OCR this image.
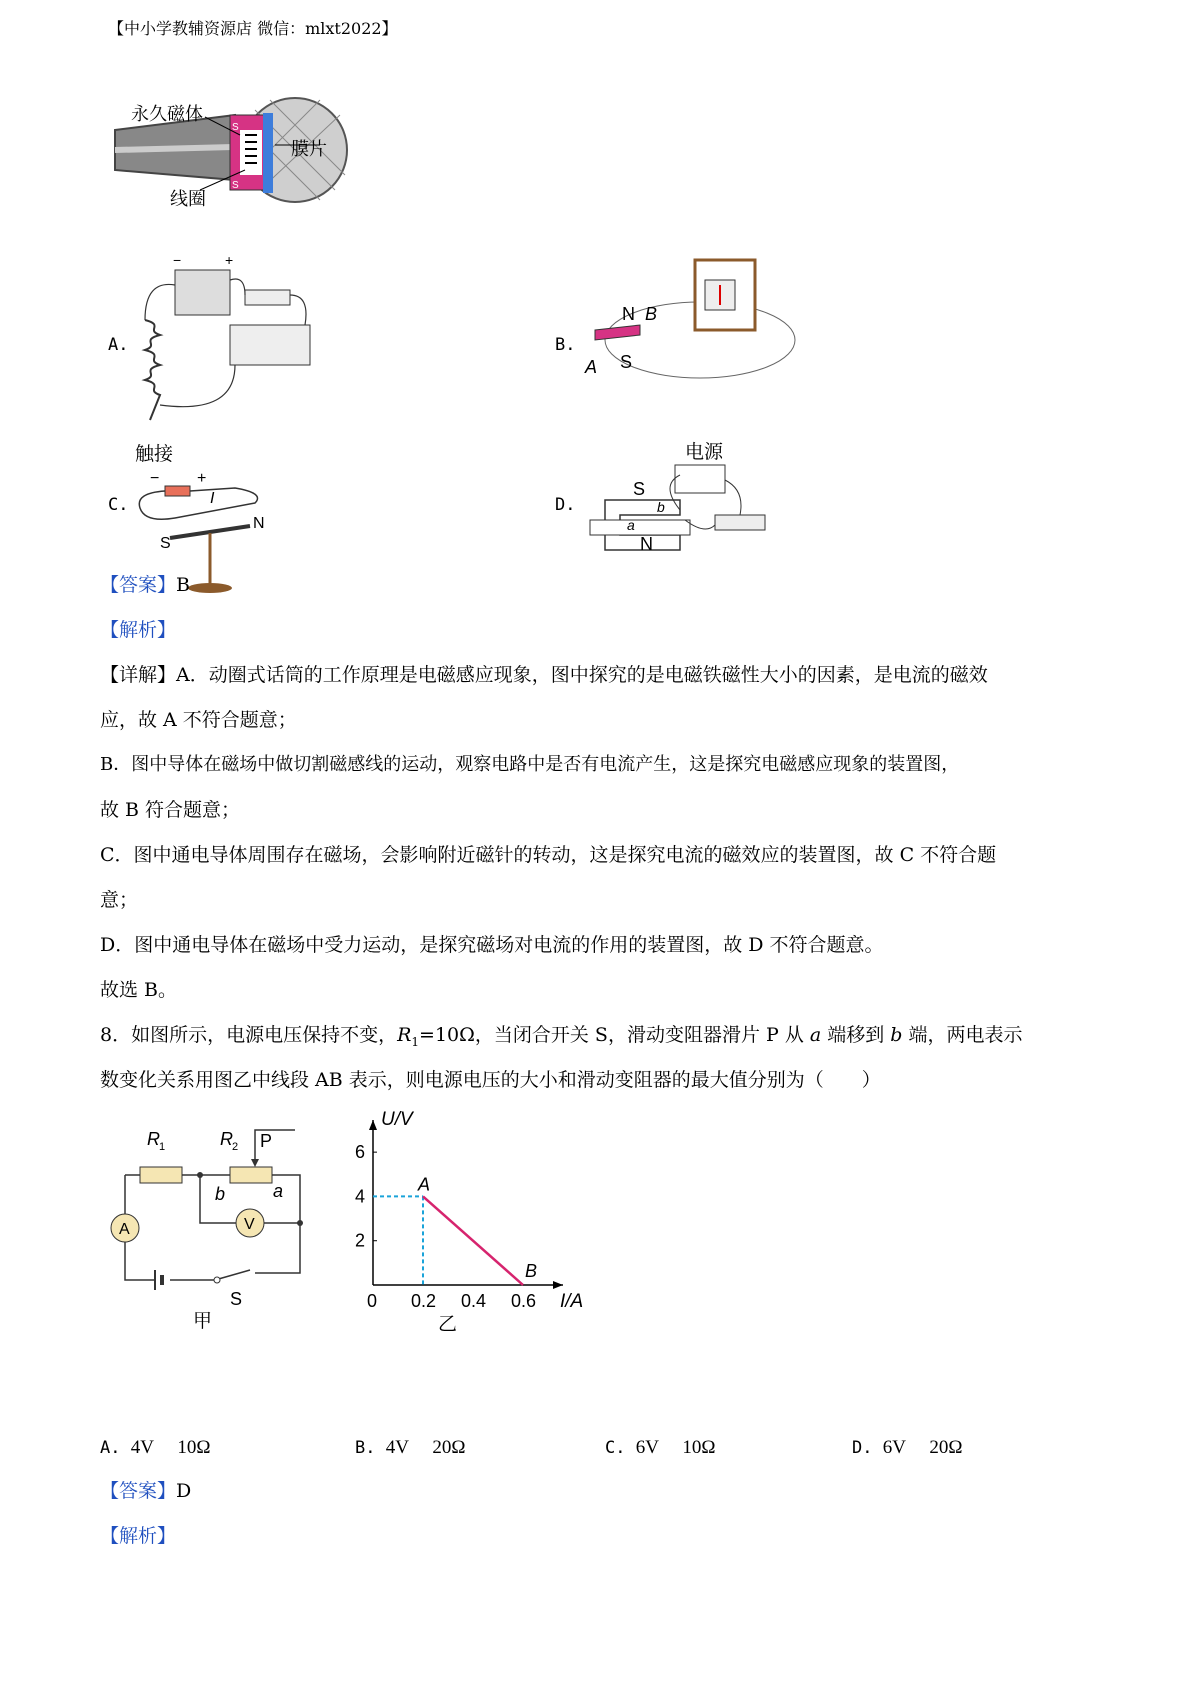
【中小学教辅资源店 微信：mlxt2022】
S
S
永久磁体
膜片
线圈
A.
−	+
B.
N B
A S
C.
触接
− +
I
S
N
D.
电源
S
b
a
N
【答案】B
【解析】
【详解】A．动圈式话筒的工作原理是电磁感应现象，图中探究的是电磁铁磁性大小的因素，是电流的磁效
应，故 A 不符合题意；
B．图中导体在磁场中做切割磁感线的运动，观察电路中是否有电流产生，这是探究电磁感应现象的装置图，
故 B 符合题意；
C．图中通电导体周围存在磁场，会影响附近磁针的转动，这是探究电流的磁效应的装置图，故 C 不符合题
意；
D．图中通电导体在磁场中受力运动，是探究磁场对电流的作用的装置图，故 D 不符合题意。
故选 B。
8．如图所示，电源电压保持不变，$R_1=10\Omega$，当闭合开关 S，滑动变阻器滑片 P 从 a 端移到 b 端，两电表示
数变化关系用图乙中线段 AB 表示，则电源电压的大小和滑动变阻器的最大值分别为（　　）
R 1	R 2 P
b	a
A	V
S
甲
U/V
I/A
0 0.2 0.4 0.6
2
4
6
A
B
乙
A. 4V　 10Ω	B. 4V　 20Ω	C. 6V　 10Ω	D. 6V　 20Ω
【答案】D
【解析】
